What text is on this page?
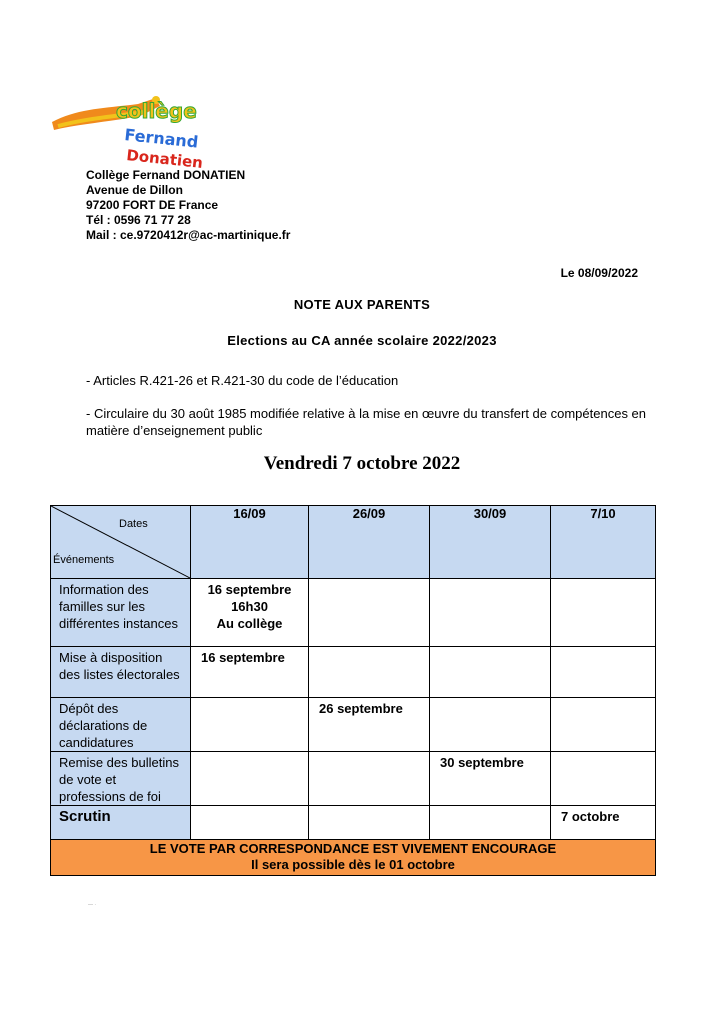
collège
Fernand
Donatien
Collège Fernand DONATIEN
Avenue de Dillon
97200 FORT DE France
Tél : 0596 71 77 28
Mail : ce.9720412r@ac-martinique.fr
Le 08/09/2022
NOTE AUX PARENTS
Elections au CA année scolaire 2022/2023
- Articles R.421-26 et R.421-30 du code de l’éducation
- Circulaire du 30 août 1985 modifiée relative à la mise en œuvre du transfert de compétences en matière d’enseignement public
Vendredi 7 octobre 2022
Dates
Événements	16/09	26/09	30/09	7/10
Information des familles sur les différentes instances	16 septembre
16h30
Au collège			
Mise à disposition des listes électorales	16 septembre			
Dépôt des déclarations de candidatures		26 septembre		
Remise des bulletins de vote et professions de foi			30 septembre	
Scrutin				7 octobre

LE VOTE PAR CORRESPONDANCE EST VIVEMENT ENCOURAGE
Il sera possible dès le 01 octobre				
— ·
